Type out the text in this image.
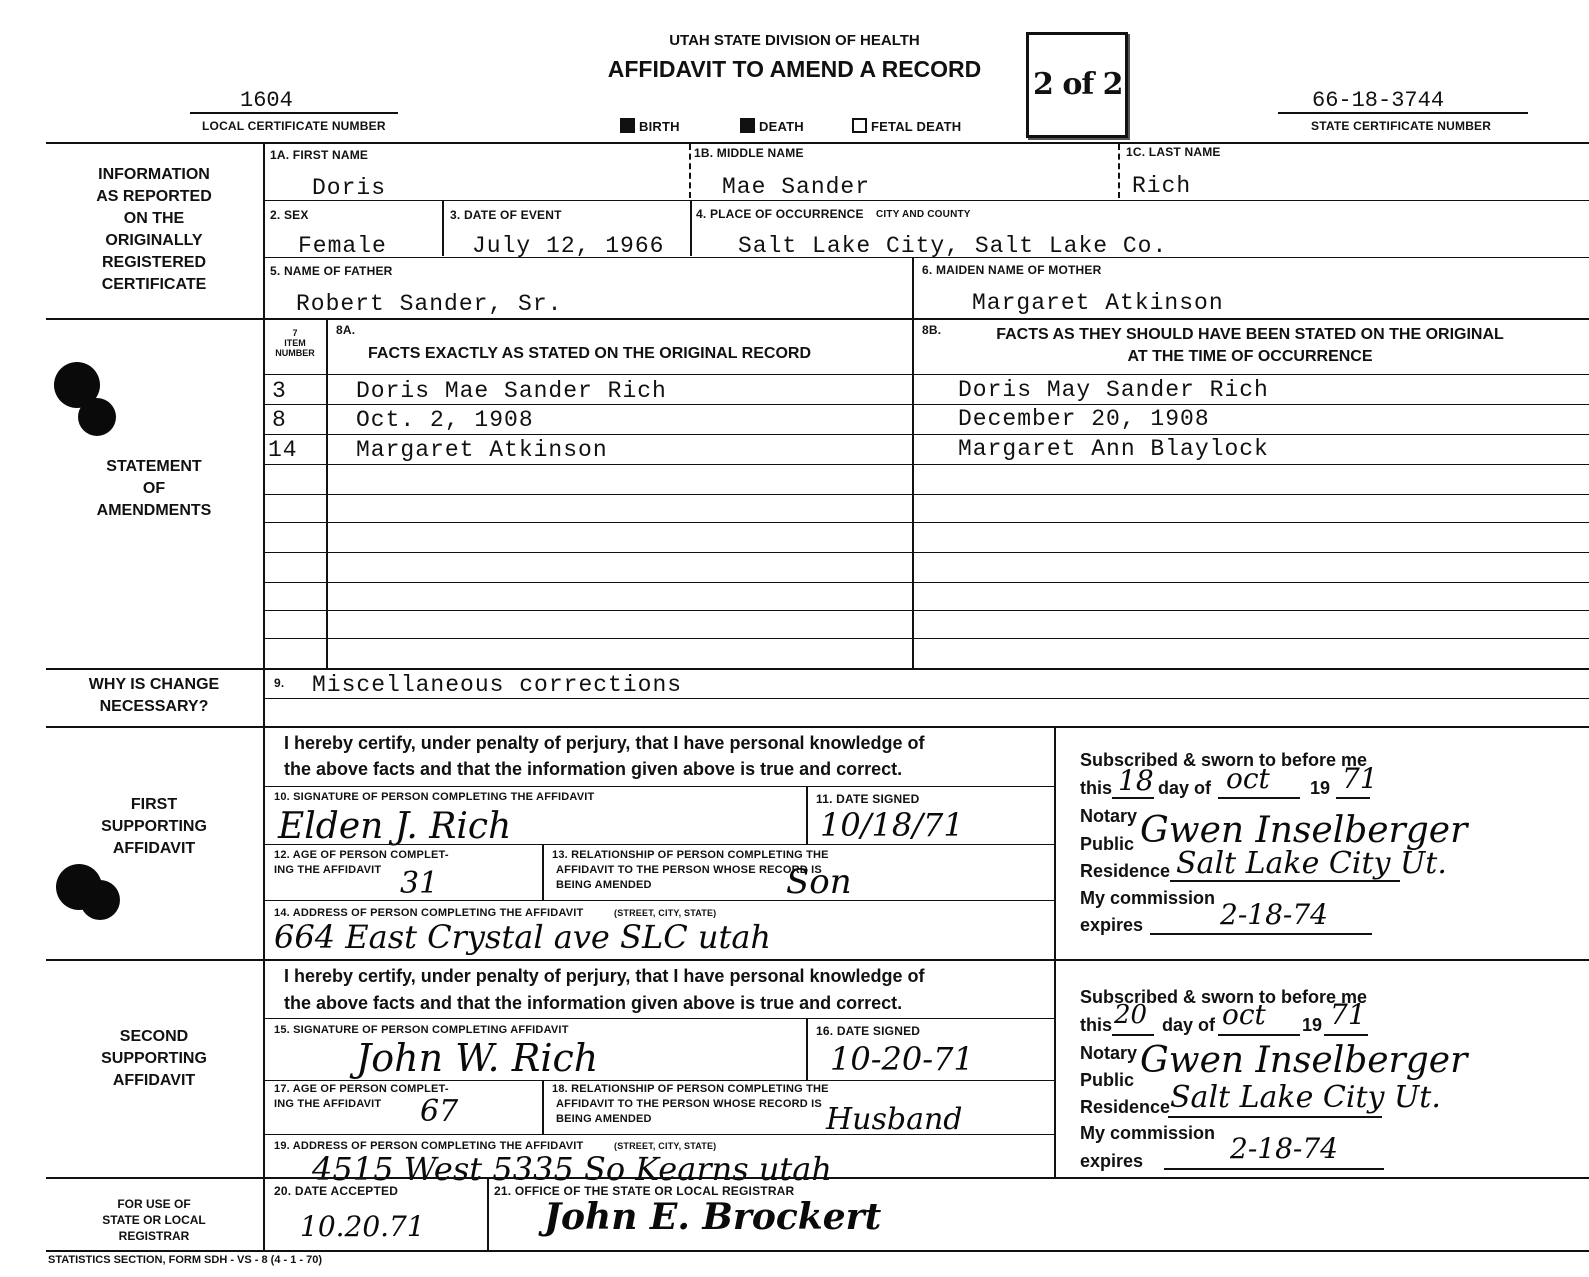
UTAH STATE DIVISION OF HEALTH
AFFIDAVIT TO AMEND A RECORD	2 of 2
1604
LOCAL CERTIFICATE NUMBER
66-18-3744
STATE CERTIFICATE NUMBER
BIRTH	DEATH	FETAL DEATH
INFORMATION
AS REPORTED
ON THE
ORIGINALLY
REGISTERED
CERTIFICATE
STATEMENT
OF
AMENDMENTS
WHY IS CHANGE
NECESSARY?
FIRST
SUPPORTING
AFFIDAVIT
SECOND
SUPPORTING
AFFIDAVIT
FOR USE OF
STATE OR LOCAL
REGISTRAR
1A. FIRST NAME
Doris
1B. MIDDLE NAME
Mae Sander
1C. LAST NAME
Rich
2. SEX
Female
3. DATE OF EVENT
July 12, 1966
4. PLACE OF OCCURRENCE CITY AND COUNTY
Salt Lake City, Salt Lake Co.
5. NAME OF FATHER
Robert Sander, Sr.
6. MAIDEN NAME OF MOTHER
Margaret Atkinson
7
ITEM
NUMBER
8A.
FACTS EXACTLY AS STATED ON THE ORIGINAL RECORD
8B.	FACTS AS THEY SHOULD HAVE BEEN STATED ON THE ORIGINAL
AT THE TIME OF OCCURRENCE
3	Doris Mae Sander Rich	Doris May Sander Rich
8	Oct. 2, 1908	December 20, 1908
14	Margaret Atkinson	Margaret Ann Blaylock
9. Miscellaneous corrections
I hereby certify, under penalty of perjury, that I have personal knowledge of
the above facts and that the information given above is true and correct.
10. SIGNATURE OF PERSON COMPLETING THE AFFIDAVIT
Elden J. Rich
11. DATE SIGNED
10/18/71
12. AGE OF PERSON COMPLET-
ING THE AFFIDAVIT 31
13. RELATIONSHIP OF PERSON COMPLETING THE
AFFIDAVIT TO THE PERSON WHOSE RECORD IS
BEING AMENDED	Son
14. ADDRESS OF PERSON COMPLETING THE AFFIDAVIT	(STREET, CITY, STATE)
664 East Crystal ave SLC utah
Subscribed & sworn to before me
this 18 day of oct 19 71
Notary
Public Gwen Inselberger
Residence Salt Lake City Ut.
My commission
expires	2-18-74
I hereby certify, under penalty of perjury, that I have personal knowledge of
the above facts and that the information given above is true and correct.
15. SIGNATURE OF PERSON COMPLETING AFFIDAVIT
John W. Rich
16. DATE SIGNED
10-20-71
17. AGE OF PERSON COMPLET-
ING THE AFFIDAVIT 67
18. RELATIONSHIP OF PERSON COMPLETING THE
AFFIDAVIT TO THE PERSON WHOSE RECORD IS
BEING AMENDED	Husband
19. ADDRESS OF PERSON COMPLETING THE AFFIDAVIT	(STREET, CITY, STATE)
4515 West 5335 So Kearns utah
Subscribed & sworn to before me
this 20 day of oct 19 71
Notary
Public Gwen Inselberger
Residence Salt Lake City Ut.
My commission
expires	2-18-74
20. DATE ACCEPTED
10.20.71
21. OFFICE OF THE STATE OR LOCAL REGISTRAR
John E. Brockert
STATISTICS SECTION, FORM SDH - VS - 8 (4 - 1 - 70)
